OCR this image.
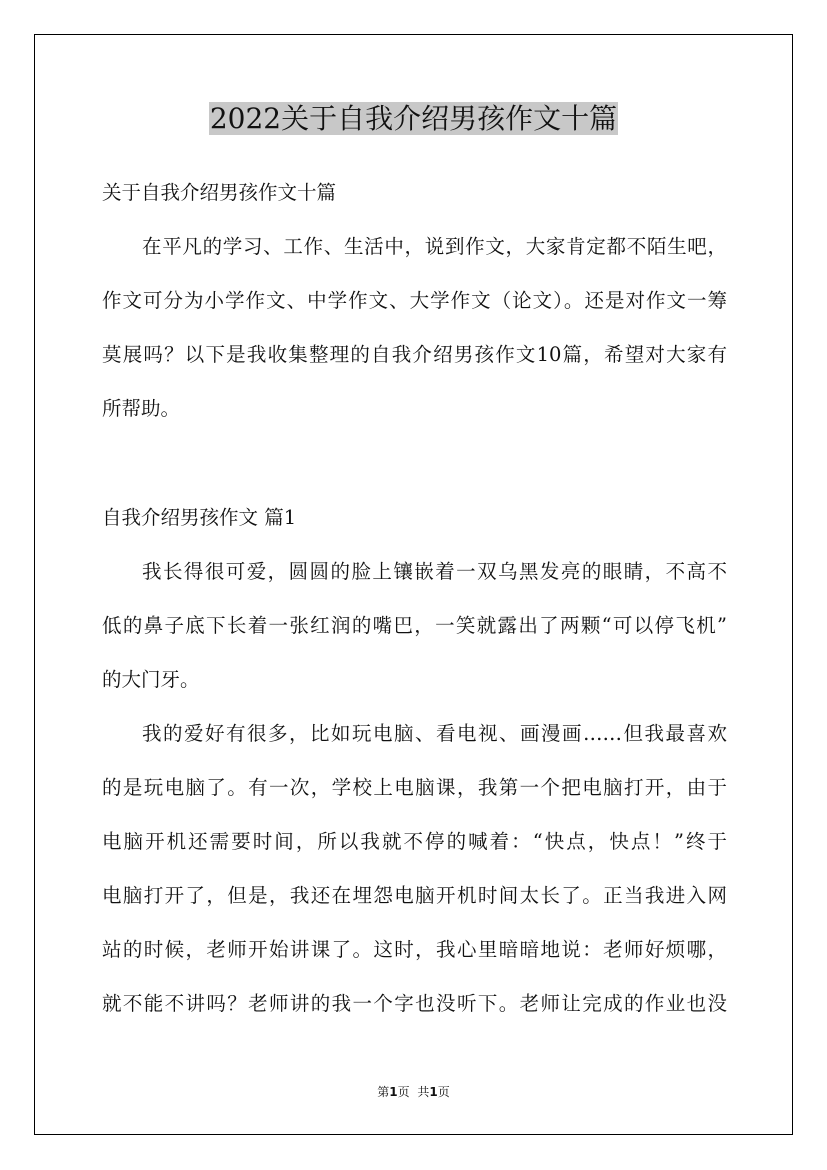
2022关于自我介绍男孩作文十篇
关于自我介绍男孩作文十篇
在平凡的学习、工作、生活中，说到作文，大家肯定都不陌生吧，
作文可分为小学作文、中学作文、大学作文（论文）。还是对作文一筹
莫展吗？以下是我收集整理的自我介绍男孩作文10篇，希望对大家有
所帮助。
自我介绍男孩作文 篇1
我长得很可爱，圆圆的脸上镶嵌着一双乌黑发亮的眼睛，不高不
低的鼻子底下长着一张红润的嘴巴，一笑就露出了两颗“可以停飞机”
的大门牙。
我的爱好有很多，比如玩电脑、看电视、画漫画……但我最喜欢
的是玩电脑了。有一次，学校上电脑课，我第一个把电脑打开，由于
电脑开机还需要时间，所以我就不停的喊着：“快点，快点！”终于
电脑打开了，但是，我还在埋怨电脑开机时间太长了。正当我进入网
站的时候，老师开始讲课了。这时，我心里暗暗地说：老师好烦哪，
就不能不讲吗？老师讲的我一个字也没听下。老师让完成的作业也没
第1页 共1页
